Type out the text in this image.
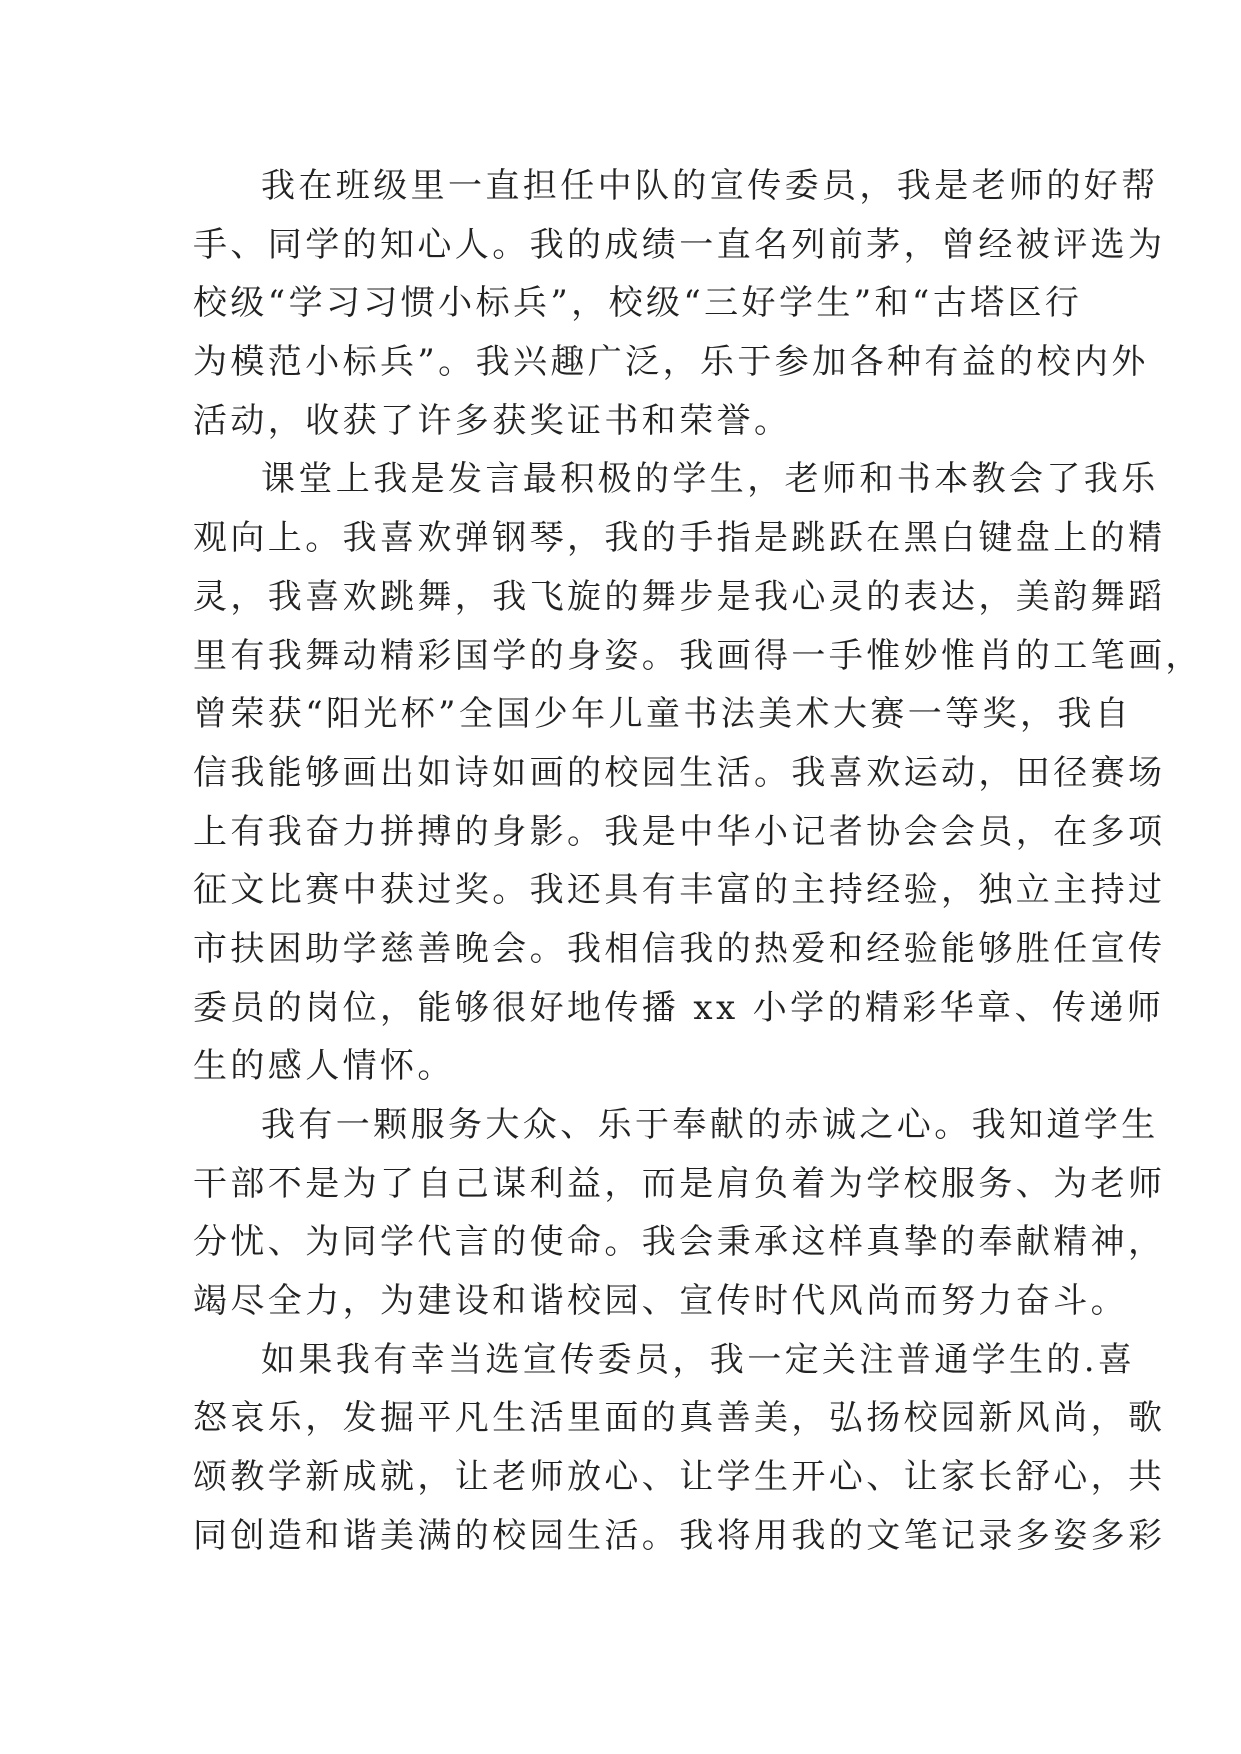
我在班级里一直担任中队的宣传委员，我是老师的好帮
手、同学的知心人。我的成绩一直名列前茅，曾经被评选为
校级“学习习惯小标兵”，校级“三好学生”和“古塔区行
为模范小标兵”。我兴趣广泛，乐于参加各种有益的校内外
活动，收获了许多获奖证书和荣誉。
课堂上我是发言最积极的学生，老师和书本教会了我乐
观向上。我喜欢弹钢琴，我的手指是跳跃在黑白键盘上的精
灵，我喜欢跳舞，我飞旋的舞步是我心灵的表达，美韵舞蹈
里有我舞动精彩国学的身姿。我画得一手惟妙惟肖的工笔画，
曾荣获“阳光杯”全国少年儿童书法美术大赛一等奖，我自
信我能够画出如诗如画的校园生活。我喜欢运动，田径赛场
上有我奋力拼搏的身影。我是中华小记者协会会员，在多项
征文比赛中获过奖。我还具有丰富的主持经验，独立主持过
市扶困助学慈善晚会。我相信我的热爱和经验能够胜任宣传
委员的岗位，能够很好地传播 xx 小学的精彩华章、传递师
生的感人情怀。
我有一颗服务大众、乐于奉献的赤诚之心。我知道学生
干部不是为了自己谋利益，而是肩负着为学校服务、为老师
分忧、为同学代言的使命。我会秉承这样真挚的奉献精神，
竭尽全力，为建设和谐校园、宣传时代风尚而努力奋斗。
如果我有幸当选宣传委员，我一定关注普通学生的.喜
怒哀乐，发掘平凡生活里面的真善美，弘扬校园新风尚，歌
颂教学新成就，让老师放心、让学生开心、让家长舒心，共
同创造和谐美满的校园生活。我将用我的文笔记录多姿多彩
